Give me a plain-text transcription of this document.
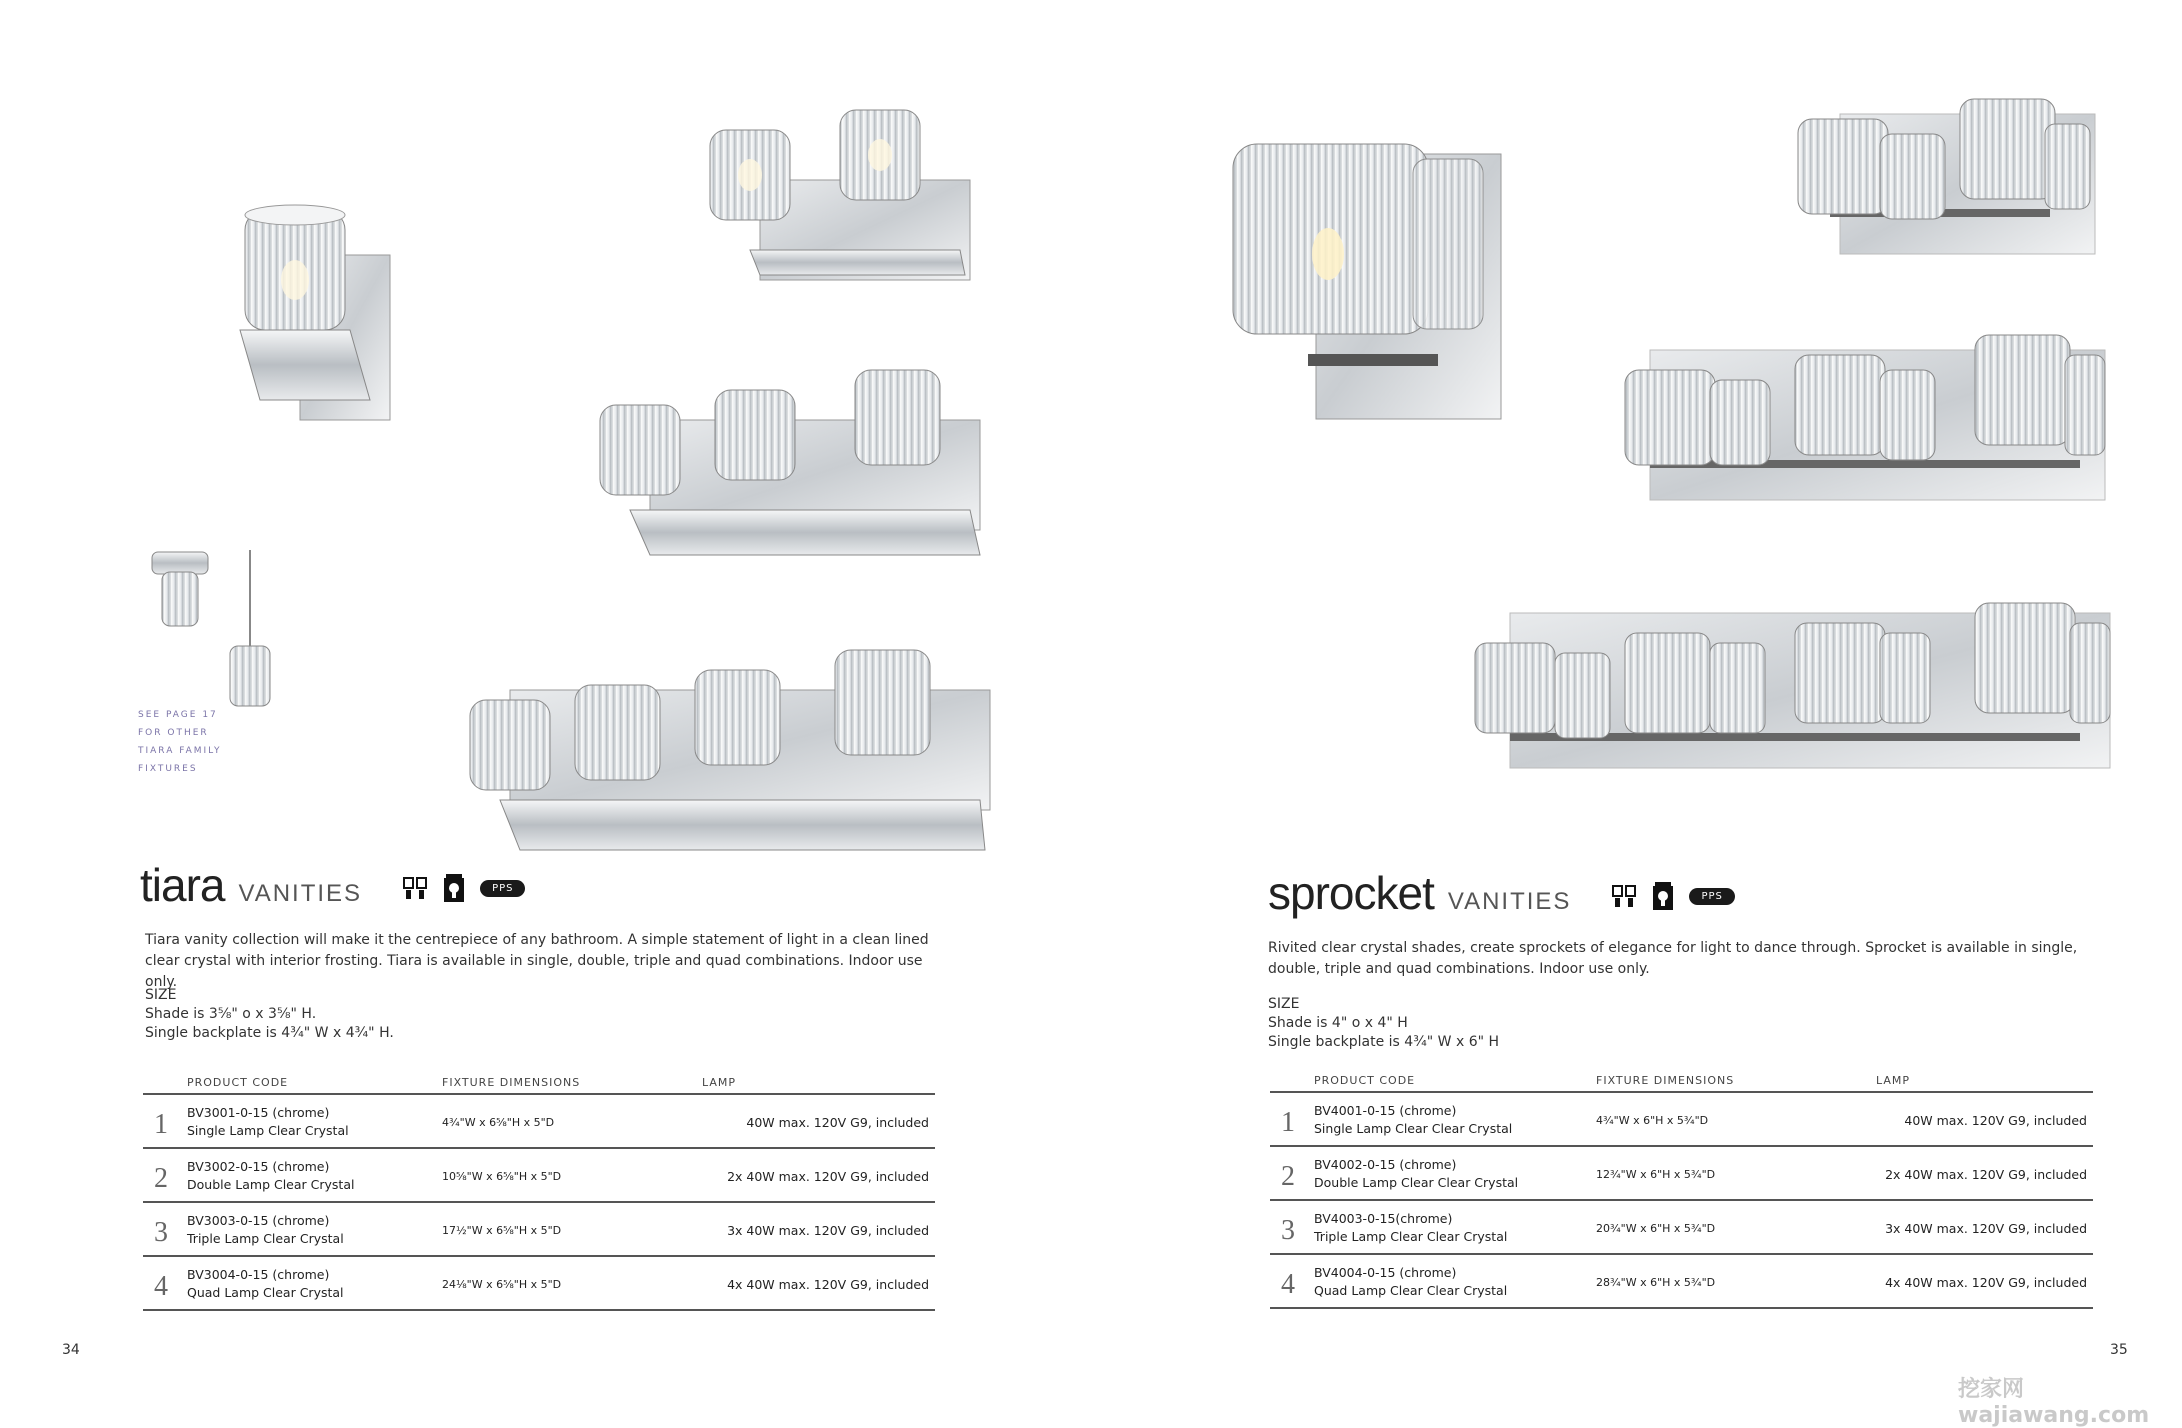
SEE PAGE 17
FOR OTHER
TIARA FAMILY
FIXTURES
tiara VANITIES	PPS
Tiara vanity collection will make it the centrepiece of any bathroom. A simple statement of light in a clean lined clear crystal with interior frosting. Tiara is available in single, double, triple and quad combinations. Indoor use only.
SIZE
Shade is 3⅝" o x 3⅝" H.
Single backplate is 4¾" W x 4¾" H.
	PRODUCT CODE	FIXTURE DIMENSIONS	LAMP
1	BV3001-0-15 (chrome)
Single Lamp Clear Crystal	4¾"W x 6⅝"H x 5"D	40W max. 120V G9, included
2	BV3002-0-15 (chrome)
Double Lamp Clear Crystal	10⅝"W x 6⅝"H x 5"D	2x 40W max. 120V G9, included
3	BV3003-0-15 (chrome)
Triple Lamp Clear Crystal	17½"W x 6⅝"H x 5"D	3x 40W max. 120V G9, included
4	BV3004-0-15 (chrome)
Quad Lamp Clear Crystal	24⅛"W x 6⅝"H x 5"D	4x 40W max. 120V G9, included
34
sprocket VANITIES	PPS
Rivited clear crystal shades, create sprockets of elegance for light to dance through. Sprocket is available in single, double, triple and quad combinations. Indoor use only.
SIZE
Shade is 4" o x 4" H
Single backplate is 4¾" W x 6" H
	PRODUCT CODE	FIXTURE DIMENSIONS	LAMP
1	BV4001-0-15 (chrome)
Single Lamp Clear Clear Crystal	4¾"W x 6"H x 5¾"D	40W max. 120V G9, included
2	BV4002-0-15 (chrome)
Double Lamp Clear Clear Crystal	12¾"W x 6"H x 5¾"D	2x 40W max. 120V G9, included
3	BV4003-0-15(chrome)
Triple Lamp Clear Clear Crystal	20¾"W x 6"H x 5¾"D	3x 40W max. 120V G9, included
4	BV4004-0-15 (chrome)
Quad Lamp Clear Clear Crystal	28¾"W x 6"H x 5¾"D	4x 40W max. 120V G9, included
35
挖家网 wajiawang.com
